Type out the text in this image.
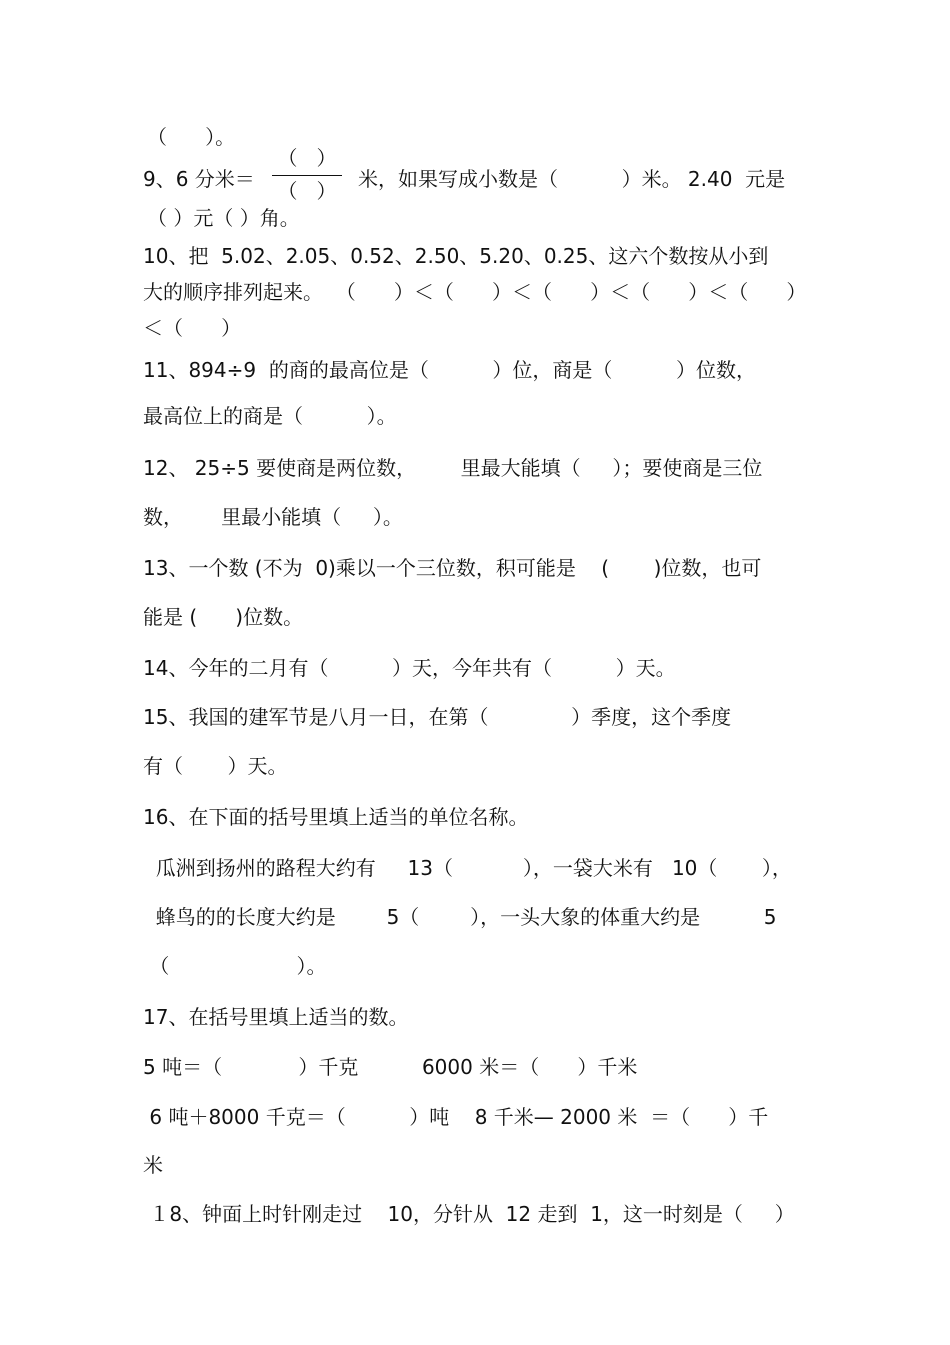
（      ）。

9、6 分米＝

（   ）
（   ）	米，如果写成小数是（          ）米。 2.40  元是

（ ）元（ ）角。

10、把  5.02、2.05、0.52、2.50、5.20、0.25、这六个数按从小到

大的顺序排列起来。  （      ）＜（      ）＜（      ）＜（      ）＜（      ）

＜（      ）

11、894÷9  的商的最高位是（          ）位，商是（          ）位数，

最高位上的商是（          ）。

12、 25÷5 要使商是两位数，       里最大能填（     ）；要使商是三位

数，      里最小能填（     ）。

13、一个数 (不为  0)乘以一个三位数，积可能是    (       )位数，也可

能是 (      )位数。

14、今年的二月有（          ）天，今年共有（          ）天。

15、我国的建军节是八月一日，在第（             ）季度，这个季度

有（       ）天。

16、在下面的括号里填上适当的单位名称。

瓜洲到扬州的路程大约有     13（           ），一袋大米有   10（       ），

蜂鸟的的长度大约是        5（        ），一头大象的体重大约是          5

（                    ）。

17、在括号里填上适当的数。

5 吨＝（            ）千克          6000 米＝（      ）千米

6 吨＋8000 千克＝（          ）吨    8 千米— 2000 米  ＝（      ）千

米

１8、钟面上时针刚走过    10，分针从  12 走到  1，这一时刻是（     ）
